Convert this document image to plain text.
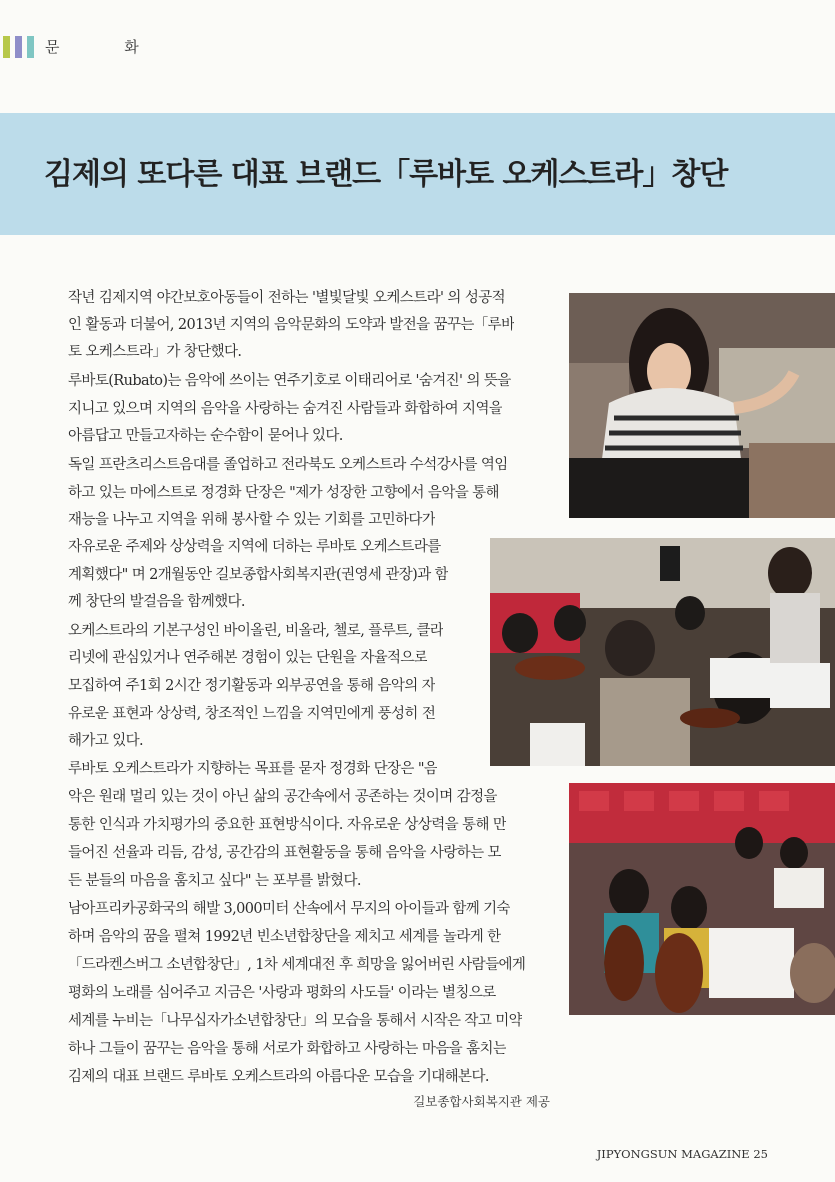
문 화
김제의 또다른 대표 브랜드「루바토 오케스트라」창단
작년 김제지역 야간보호아동들이 전하는 '별빛달빛 오케스트라' 의 성공적
인 활동과 더불어, 2013년 지역의 음악문화의 도약과 발전을 꿈꾸는「루바
토 오케스트라」가 창단했다.
루바토(Rubato)는 음악에 쓰이는 연주기호로 이태리어로 '숨겨진' 의 뜻을
지니고 있으며 지역의 음악을 사랑하는 숨겨진 사람들과 화합하여 지역을
아름답고 만들고자하는 순수함이 묻어나 있다.
독일 프란츠리스트음대를 졸업하고 전라북도 오케스트라 수석강사를 역임
하고 있는 마에스트로 정경화 단장은 "제가 성장한 고향에서 음악을 통해
재능을 나누고 지역을 위해 봉사할 수 있는 기회를 고민하다가
자유로운 주제와 상상력을 지역에 더하는 루바토 오케스트라를
계획했다" 며 2개월동안 길보종합사회복지관(권영세 관장)과 함
께 창단의 발걸음을 함께했다.
오케스트라의 기본구성인 바이올린, 비올라, 첼로, 플루트, 클라
리넷에 관심있거나 연주해본 경험이 있는 단원을 자율적으로
모집하여 주1회 2시간 정기활동과 외부공연을 통해 음악의 자
유로운 표현과 상상력, 창조적인 느낌을 지역민에게 풍성히 전
해가고 있다.
루바토 오케스트라가 지향하는 목표를 묻자 정경화 단장은 "음
악은 원래 멀리 있는 것이 아닌 삶의 공간속에서 공존하는 것이며 감정을
통한 인식과 가치평가의 중요한 표현방식이다. 자유로운 상상력을 통해 만
들어진 선율과 리듬, 감성, 공간감의 표현활동을 통해 음악을 사랑하는 모
든 분들의 마음을 훔치고 싶다" 는 포부를 밝혔다.
남아프리카공화국의 해발 3,000미터 산속에서 무지의 아이들과 함께 기숙
하며 음악의 꿈을 펼쳐 1992년 빈소년합창단을 제치고 세계를 놀라게 한
「드라켄스버그 소년합창단」, 1차 세계대전 후 희망을 잃어버린 사람들에게
평화의 노래를 심어주고 지금은 '사랑과 평화의 사도들' 이라는 별칭으로
세계를 누비는「나무십자가소년합창단」의 모습을 통해서 시작은 작고 미약
하나 그들이 꿈꾸는 음악을 통해 서로가 화합하고 사랑하는 마음을 훔치는
김제의 대표 브랜드 루바토 오케스트라의 아름다운 모습을 기대해본다.
길보종합사회복지관 제공
JIPYONGSUN MAGAZINE 25
